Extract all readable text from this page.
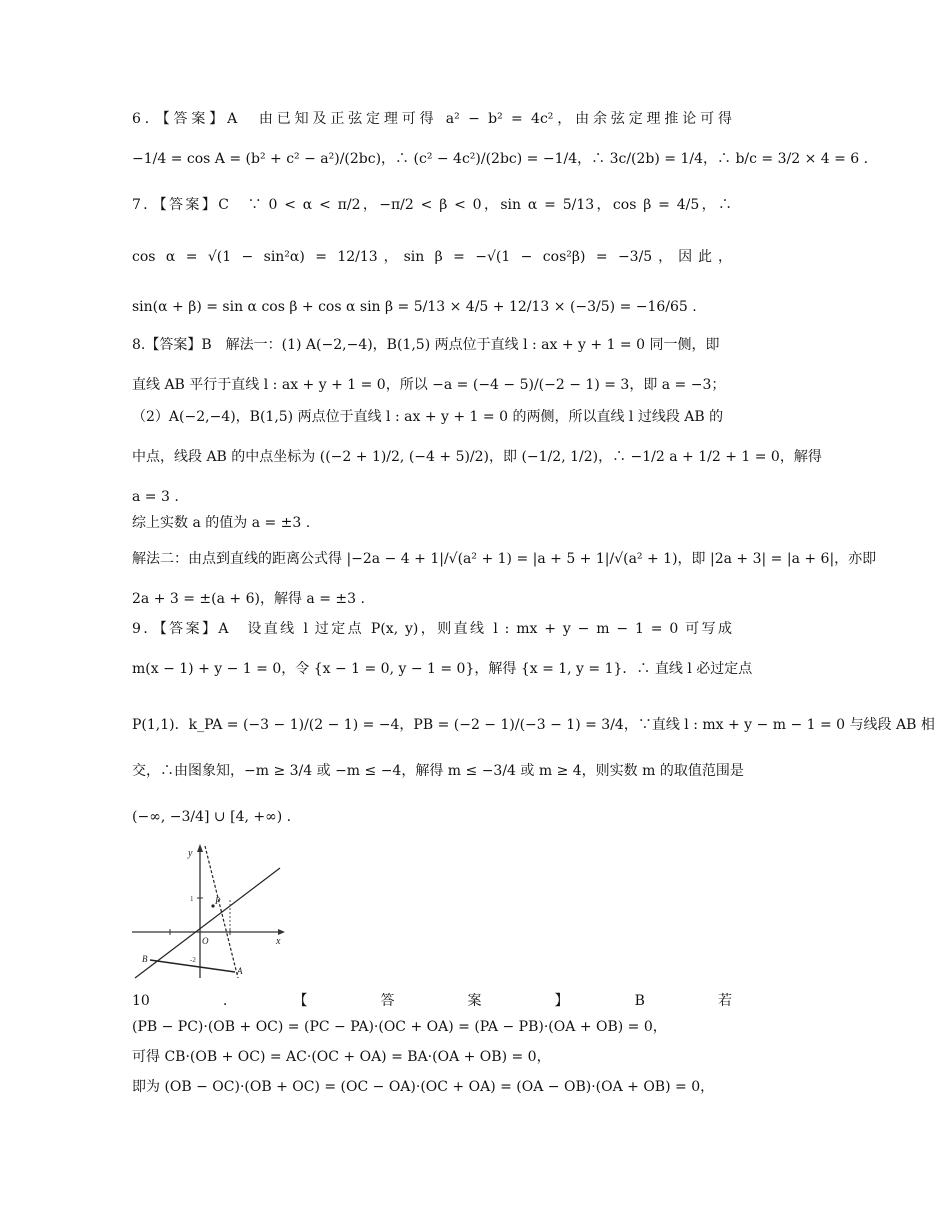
6．【答案】A　由已知及正弦定理可得 a² − b² = 4c²，由余弦定理推论可得
−1/4 = cos A = (b² + c² − a²)/(2bc)，∴ (c² − 4c²)/(2bc) = −1/4，∴ 3c/(2b) = 1/4，∴ b/c = 3/2 × 4 = 6 .
7．【答案】C　∵ 0 < α < π/2，−π/2 < β < 0，sin α = 5/13，cos β = 4/5，∴
cos α = √(1 − sin²α) = 12/13，sin β = −√(1 − cos²β) = −3/5，因此，
sin(α + β) = sin α cos β + cos α sin β = 5/13 × 4/5 + 12/13 × (−3/5) = −16/65 .
8.【答案】B　解法一：(1) A(−2,−4)，B(1,5) 两点位于直线 l : ax + y + 1 = 0 同一侧，即
直线 AB 平行于直线 l : ax + y + 1 = 0，所以 −a = (−4 − 5)/(−2 − 1) = 3，即 a = −3；
（2）A(−2,−4)，B(1,5) 两点位于直线 l : ax + y + 1 = 0 的两侧，所以直线 l 过线段 AB 的
中点，线段 AB 的中点坐标为 ((−2 + 1)/2, (−4 + 5)/2)，即 (−1/2, 1/2)，∴ −1/2 a + 1/2 + 1 = 0，解得
a = 3 .
综上实数 a 的值为 a = ±3 .
解法二：由点到直线的距离公式得 |−2a − 4 + 1|/√(a² + 1) = |a + 5 + 1|/√(a² + 1)，即 |2a + 3| = |a + 6|，亦即
2a + 3 = ±(a + 6)，解得 a = ±3 .
9．【答案】A　设直线 l 过定点 P(x, y)，则直线 l : mx + y − m − 1 = 0 可写成
m(x − 1) + y − 1 = 0，令 {x − 1 = 0, y − 1 = 0}，解得 {x = 1, y = 1}．∴ 直线 l 必过定点
P(1,1)．k_PA = (−3 − 1)/(2 − 1) = −4，PB = (−2 − 1)/(−3 − 1) = 3/4，∵直线 l : mx + y − m − 1 = 0 与线段 AB 相
交，∴由图象知，−m ≥ 3/4 或 −m ≤ −4，解得 m ≤ −3/4 或 m ≥ 4，则实数 m 的取值范围是
(−∞, −3/4] ∪ [4, +∞) .
10　.　【　答　案　】　B　若
(PB − PC)·(OB + OC) = (PC − PA)·(OC + OA) = (PA − PB)·(OA + OB) = 0，
可得 CB·(OB + OC) = AC·(OC + OA) = BA·(OA + OB) = 0，
即为 (OB − OC)·(OB + OC) = (OC − OA)·(OC + OA) = (OA − OB)·(OA + OB) = 0，
y
x
O
P
A
B
1
-2
